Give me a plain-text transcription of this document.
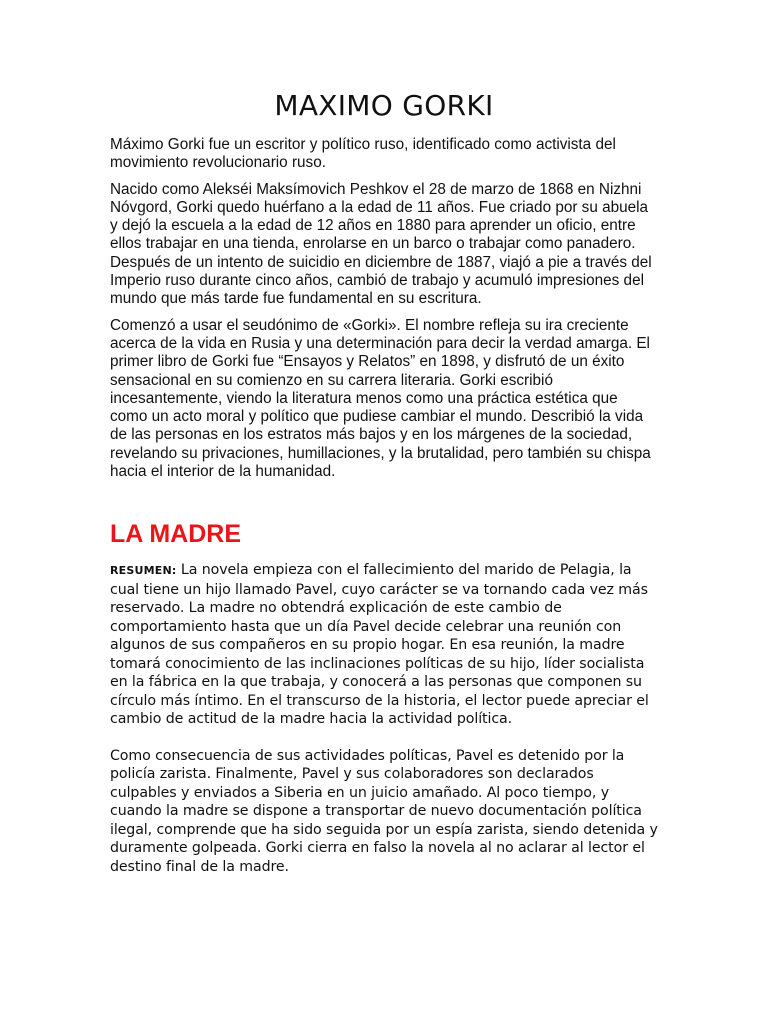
MAXIMO GORKI

Máximo Gorki fue un escritor y político ruso, identificado como activista del movimiento revolucionario ruso.

Nacido como Alekséi Maksímovich Peshkov el 28 de marzo de 1868 en Nizhni Nóvgord, Gorki quedo huérfano a la edad de 11 años. Fue criado por su abuela y dejó la escuela a la edad de 12 años en 1880 para aprender un oficio, entre ellos trabajar en una tienda, enrolarse en un barco o trabajar como panadero. Después de un intento de suicidio en diciembre de 1887, viajó a pie a través del Imperio ruso durante cinco años, cambió de trabajo y acumuló impresiones del mundo que más tarde fue fundamental en su escritura.

Comenzó a usar el seudónimo de «Gorki». El nombre refleja su ira creciente acerca de la vida en Rusia y una determinación para decir la verdad amarga. El primer libro de Gorki fue “Ensayos y Relatos” en 1898, y disfrutó de un éxito sensacional en su comienzo en su carrera literaria. Gorki escribió incesantemente, viendo la literatura menos como una práctica estética que como un acto moral y político que pudiese cambiar el mundo. Describió la vida de las personas en los estratos más bajos y en los márgenes de la sociedad, revelando su privaciones, humillaciones, y la brutalidad, pero también su chispa hacia el interior de la humanidad.

LA MADRE

RESUMEN: La novela empieza con el fallecimiento del marido de Pelagia, la cual tiene un hijo llamado Pavel, cuyo carácter se va tornando cada vez más reservado. La madre no obtendrá explicación de este cambio de comportamiento hasta que un día Pavel decide celebrar una reunión con algunos de sus compañeros en su propio hogar. En esa reunión, la madre tomará conocimiento de las inclinaciones políticas de su hijo, líder socialista en la fábrica en la que trabaja, y conocerá a las personas que componen su círculo más íntimo. En el transcurso de la historia, el lector puede apreciar el cambio de actitud de la madre hacia la actividad política.

Como consecuencia de sus actividades políticas, Pavel es detenido por la policía zarista. Finalmente, Pavel y sus colaboradores son declarados culpables y enviados a Siberia en un juicio amañado. Al poco tiempo, y cuando la madre se dispone a transportar de nuevo documentación política ilegal, comprende que ha sido seguida por un espía zarista, siendo detenida y duramente golpeada. Gorki cierra en falso la novela al no aclarar al lector el destino final de la madre.
